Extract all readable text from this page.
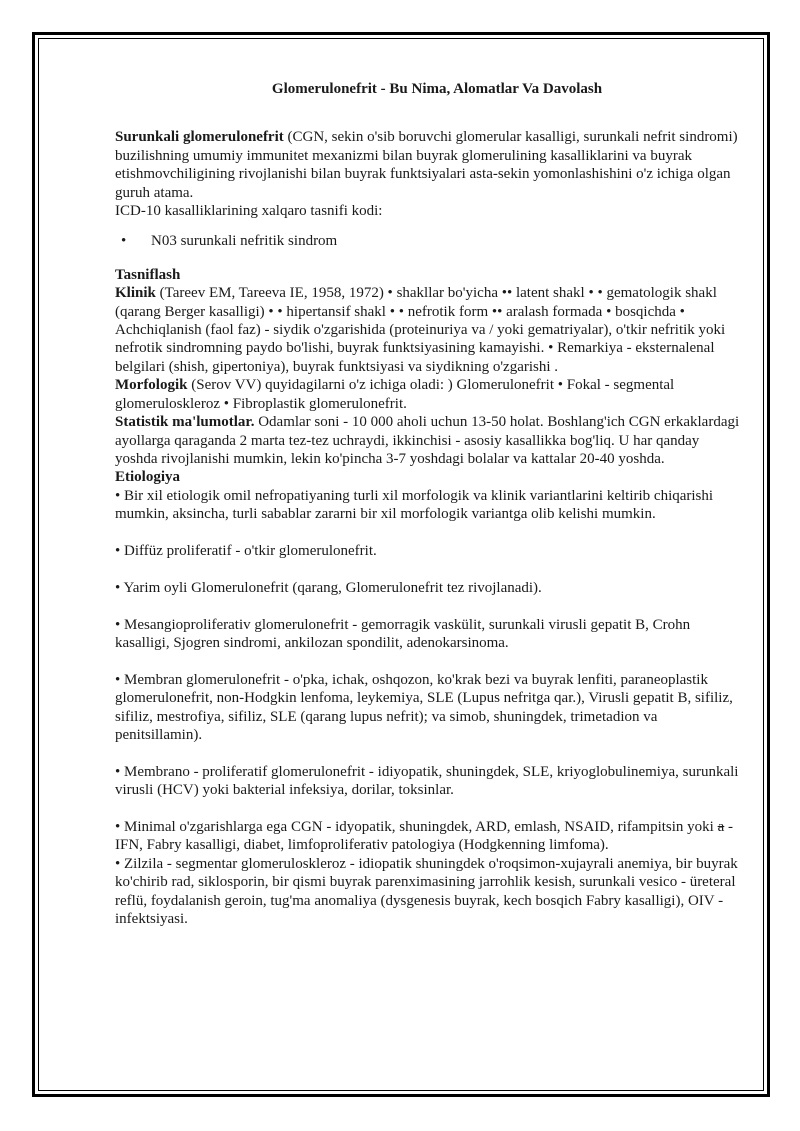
Glomerulonefrit - Bu Nima, Alomatlar Va Davolash

Surunkali glomerulonefrit (CGN, sekin o'sib boruvchi glomerular kasalligi, surunkali nefrit sindromi) buzilishning umumiy immunitet mexanizmi bilan buyrak glomerulining kasalliklarini va buyrak etishmovchiligining rivojlanishi bilan buyrak funktsiyalari asta-sekin yomonlashishini o'z ichiga olgan guruh atama.

ICD-10 kasalliklarining xalqaro tasnifi kodi:

• N03 surunkali nefritik sindrom

Tasniflash

Klinik (Tareev EM, Tareeva IE, 1958, 1972) • shakllar bo'yicha •• latent shakl • • gematologik shakl (qarang Berger kasalligi) • • hipertansif shakl • • nefrotik form •• aralash formada • bosqichda • Achchiqlanish (faol faz) - siydik o'zgarishida (proteinuriya va / yoki gematriyalar), o'tkir nefritik yoki nefrotik sindromning paydo bo'lishi, buyrak funktsiyasining kamayishi. • Remarkiya - eksternalenal belgilari (shish, gipertoniya), buyrak funktsiyasi va siydikning o'zgarishi .

Morfologik (Serov VV) quyidagilarni o'z ichiga oladi: ) Glomerulonefrit • Fokal - segmental glomeruloskleroz • Fibroplastik glomerulonefrit.

Statistik ma'lumotlar. Odamlar soni - 10 000 aholi uchun 13-50 holat. Boshlang'ich CGN erkaklardagi ayollarga qaraganda 2 marta tez-tez uchraydi, ikkinchisi - asosiy kasallikka bog'liq. U har qanday yoshda rivojlanishi mumkin, lekin ko'pincha 3-7 yoshdagi bolalar va kattalar 20-40 yoshda.

Etiologiya

• Bir xil etiologik omil nefropatiyaning turli xil morfologik va klinik variantlarini keltirib chiqarishi mumkin, aksincha, turli sabablar zararni bir xil morfologik variantga olib kelishi mumkin.

• Diffüz proliferatif - o'tkir glomerulonefrit.

• Yarim oyli Glomerulonefrit (qarang, Glomerulonefrit tez rivojlanadi).

• Mesangioproliferativ glomerulonefrit - gemorragik vaskülit, surunkali virusli gepatit B, Crohn kasalligi, Sjogren sindromi, ankilozan spondilit, adenokarsinoma.

• Membran glomerulonefrit - o'pka, ichak, oshqozon, ko'krak bezi va buyrak lenfiti, paraneoplastik glomerulonefrit, non-Hodgkin lenfoma, leykemiya, SLE (Lupus nefritga qar.), Virusli gepatit B, sifiliz, sifiliz, mestrofiya, sifiliz, SLE (qarang lupus nefrit); va simob, shuningdek, trimetadion va penitsillamin).

• Membrano - proliferatif glomerulonefrit - idiyopatik, shuningdek, SLE, kriyoglobulinemiya, surunkali virusli (HCV) yoki bakterial infeksiya, dorilar, toksinlar.

• Minimal o'zgarishlarga ega CGN - idyopatik, shuningdek, ARD, emlash, NSAID, rifampitsin yoki a - IFN, Fabry kasalligi, diabet, limfoproliferativ patologiya (Hodgkenning limfoma).

• Zilzila - segmentar glomeruloskleroz - idiopatik shuningdek o'roqsimon-xujayrali anemiya, bir buyrak ko'chirib rad, siklosporin, bir qismi buyrak parenximasining jarrohlik kesish, surunkali vesico - üreteral reflü, foydalanish geroin, tug'ma anomaliya (dysgenesis buyrak, kech bosqich Fabry kasalligi), OIV - infektsiyasi.
